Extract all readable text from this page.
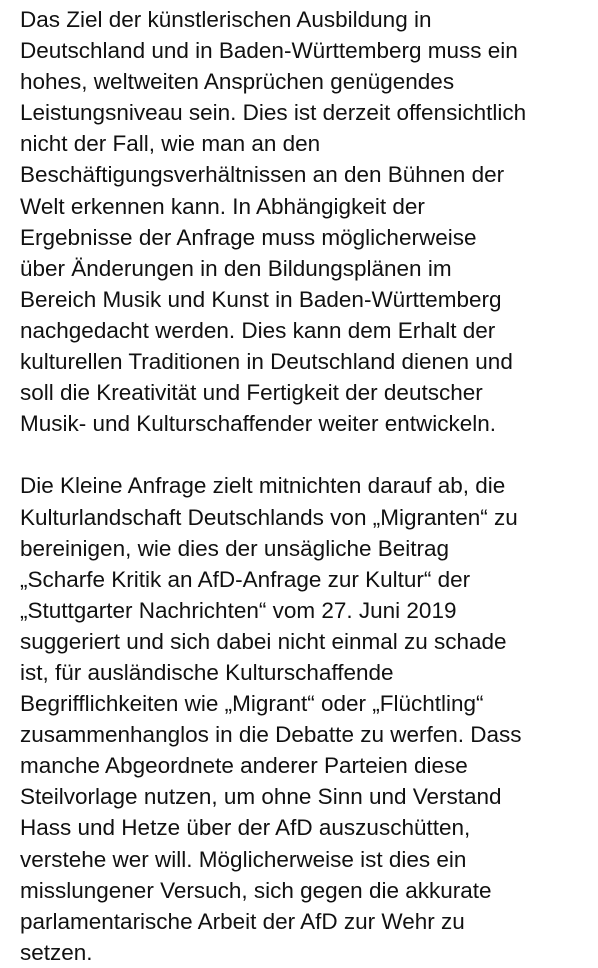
Das Ziel der künstlerischen Ausbildung in
Deutschland und in Baden-Württemberg muss ein
hohes, weltweiten Ansprüchen genügendes
Leistungsniveau sein. Dies ist derzeit offensichtlich
nicht der Fall, wie man an den
Beschäftigungsverhältnissen an den Bühnen der
Welt erkennen kann. In Abhängigkeit der
Ergebnisse der Anfrage muss möglicherweise
über Änderungen in den Bildungsplänen im
Bereich Musik und Kunst in Baden-Württemberg
nachgedacht werden. Dies kann dem Erhalt der
kulturellen Traditionen in Deutschland dienen und
soll die Kreativität und Fertigkeit der deutscher
Musik- und Kulturschaffender weiter entwickeln.

Die Kleine Anfrage zielt mitnichten darauf ab, die
Kulturlandschaft Deutschlands von „Migranten“ zu
bereinigen, wie dies der unsägliche Beitrag
„Scharfe Kritik an AfD-Anfrage zur Kultur“ der
„Stuttgarter Nachrichten“ vom 27. Juni 2019
suggeriert und sich dabei nicht einmal zu schade
ist, für ausländische Kulturschaffende
Begrifflichkeiten wie „Migrant“ oder „Flüchtling“
zusammenhanglos in die Debatte zu werfen. Dass
manche Abgeordnete anderer Parteien diese
Steilvorlage nutzen, um ohne Sinn und Verstand
Hass und Hetze über der AfD auszuschütten,
verstehe wer will. Möglicherweise ist dies ein
misslungener Versuch, sich gegen die akkurate
parlamentarische Arbeit der AfD zur Wehr zu
setzen.
